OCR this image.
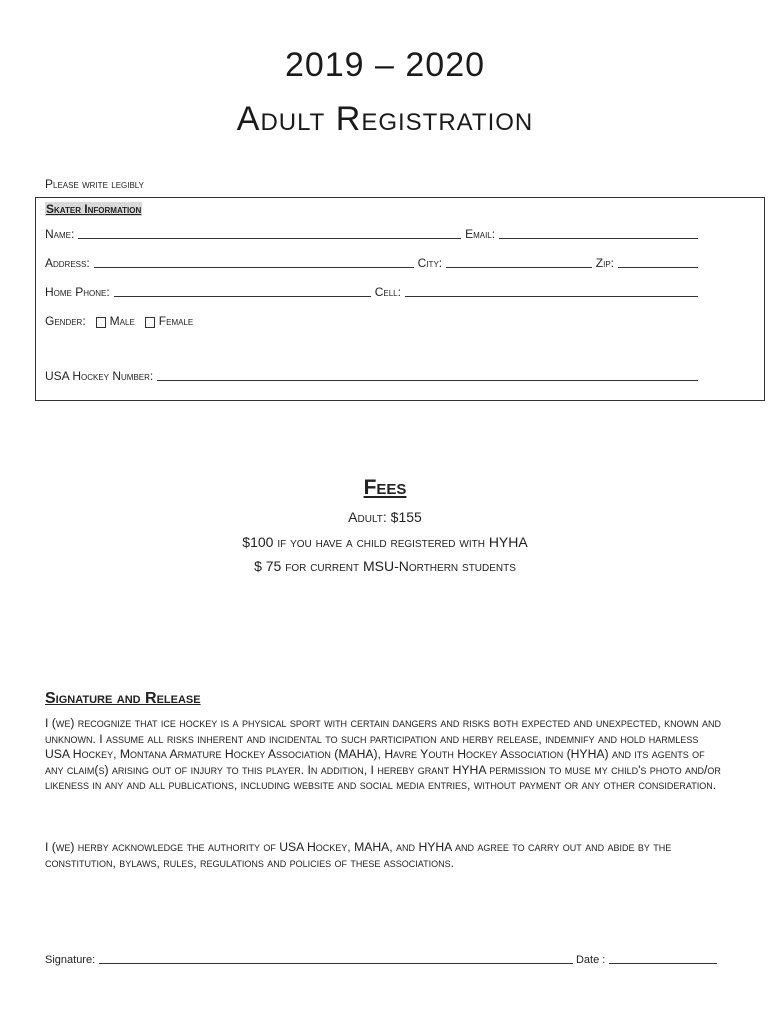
2019 – 2020
Adult Registration
Please write legibly
Skater Information
Name:	Email:
Address:	City:	Zip:
Home Phone:	Cell:
Gender: Male Female
USA Hockey Number:
Fees
Adult: $155
$100 if you have a child registered with HYHA
$ 75 for current MSU-Northern students
Signature and Release

I (we) recognize that ice hockey is a physical sport with certain dangers and risks both expected and unexpected, known and unknown. I assume all risks inherent and incidental to such participation and herby release, indemnify and hold harmless USA Hockey, Montana Armature Hockey Association (MAHA), Havre Youth Hockey Association (HYHA) and its agents of any claim(s) arising out of injury to this player. In addition, I hereby grant HYHA permission to muse my child's photo and/or likeness in any and all publications, including website and social media entries, without payment or any other consideration.

I (we) herby acknowledge the authority of USA Hockey, MAHA, and HYHA and agree to carry out and abide by the constitution, bylaws, rules, regulations and policies of these associations.

Signature:	Date :
